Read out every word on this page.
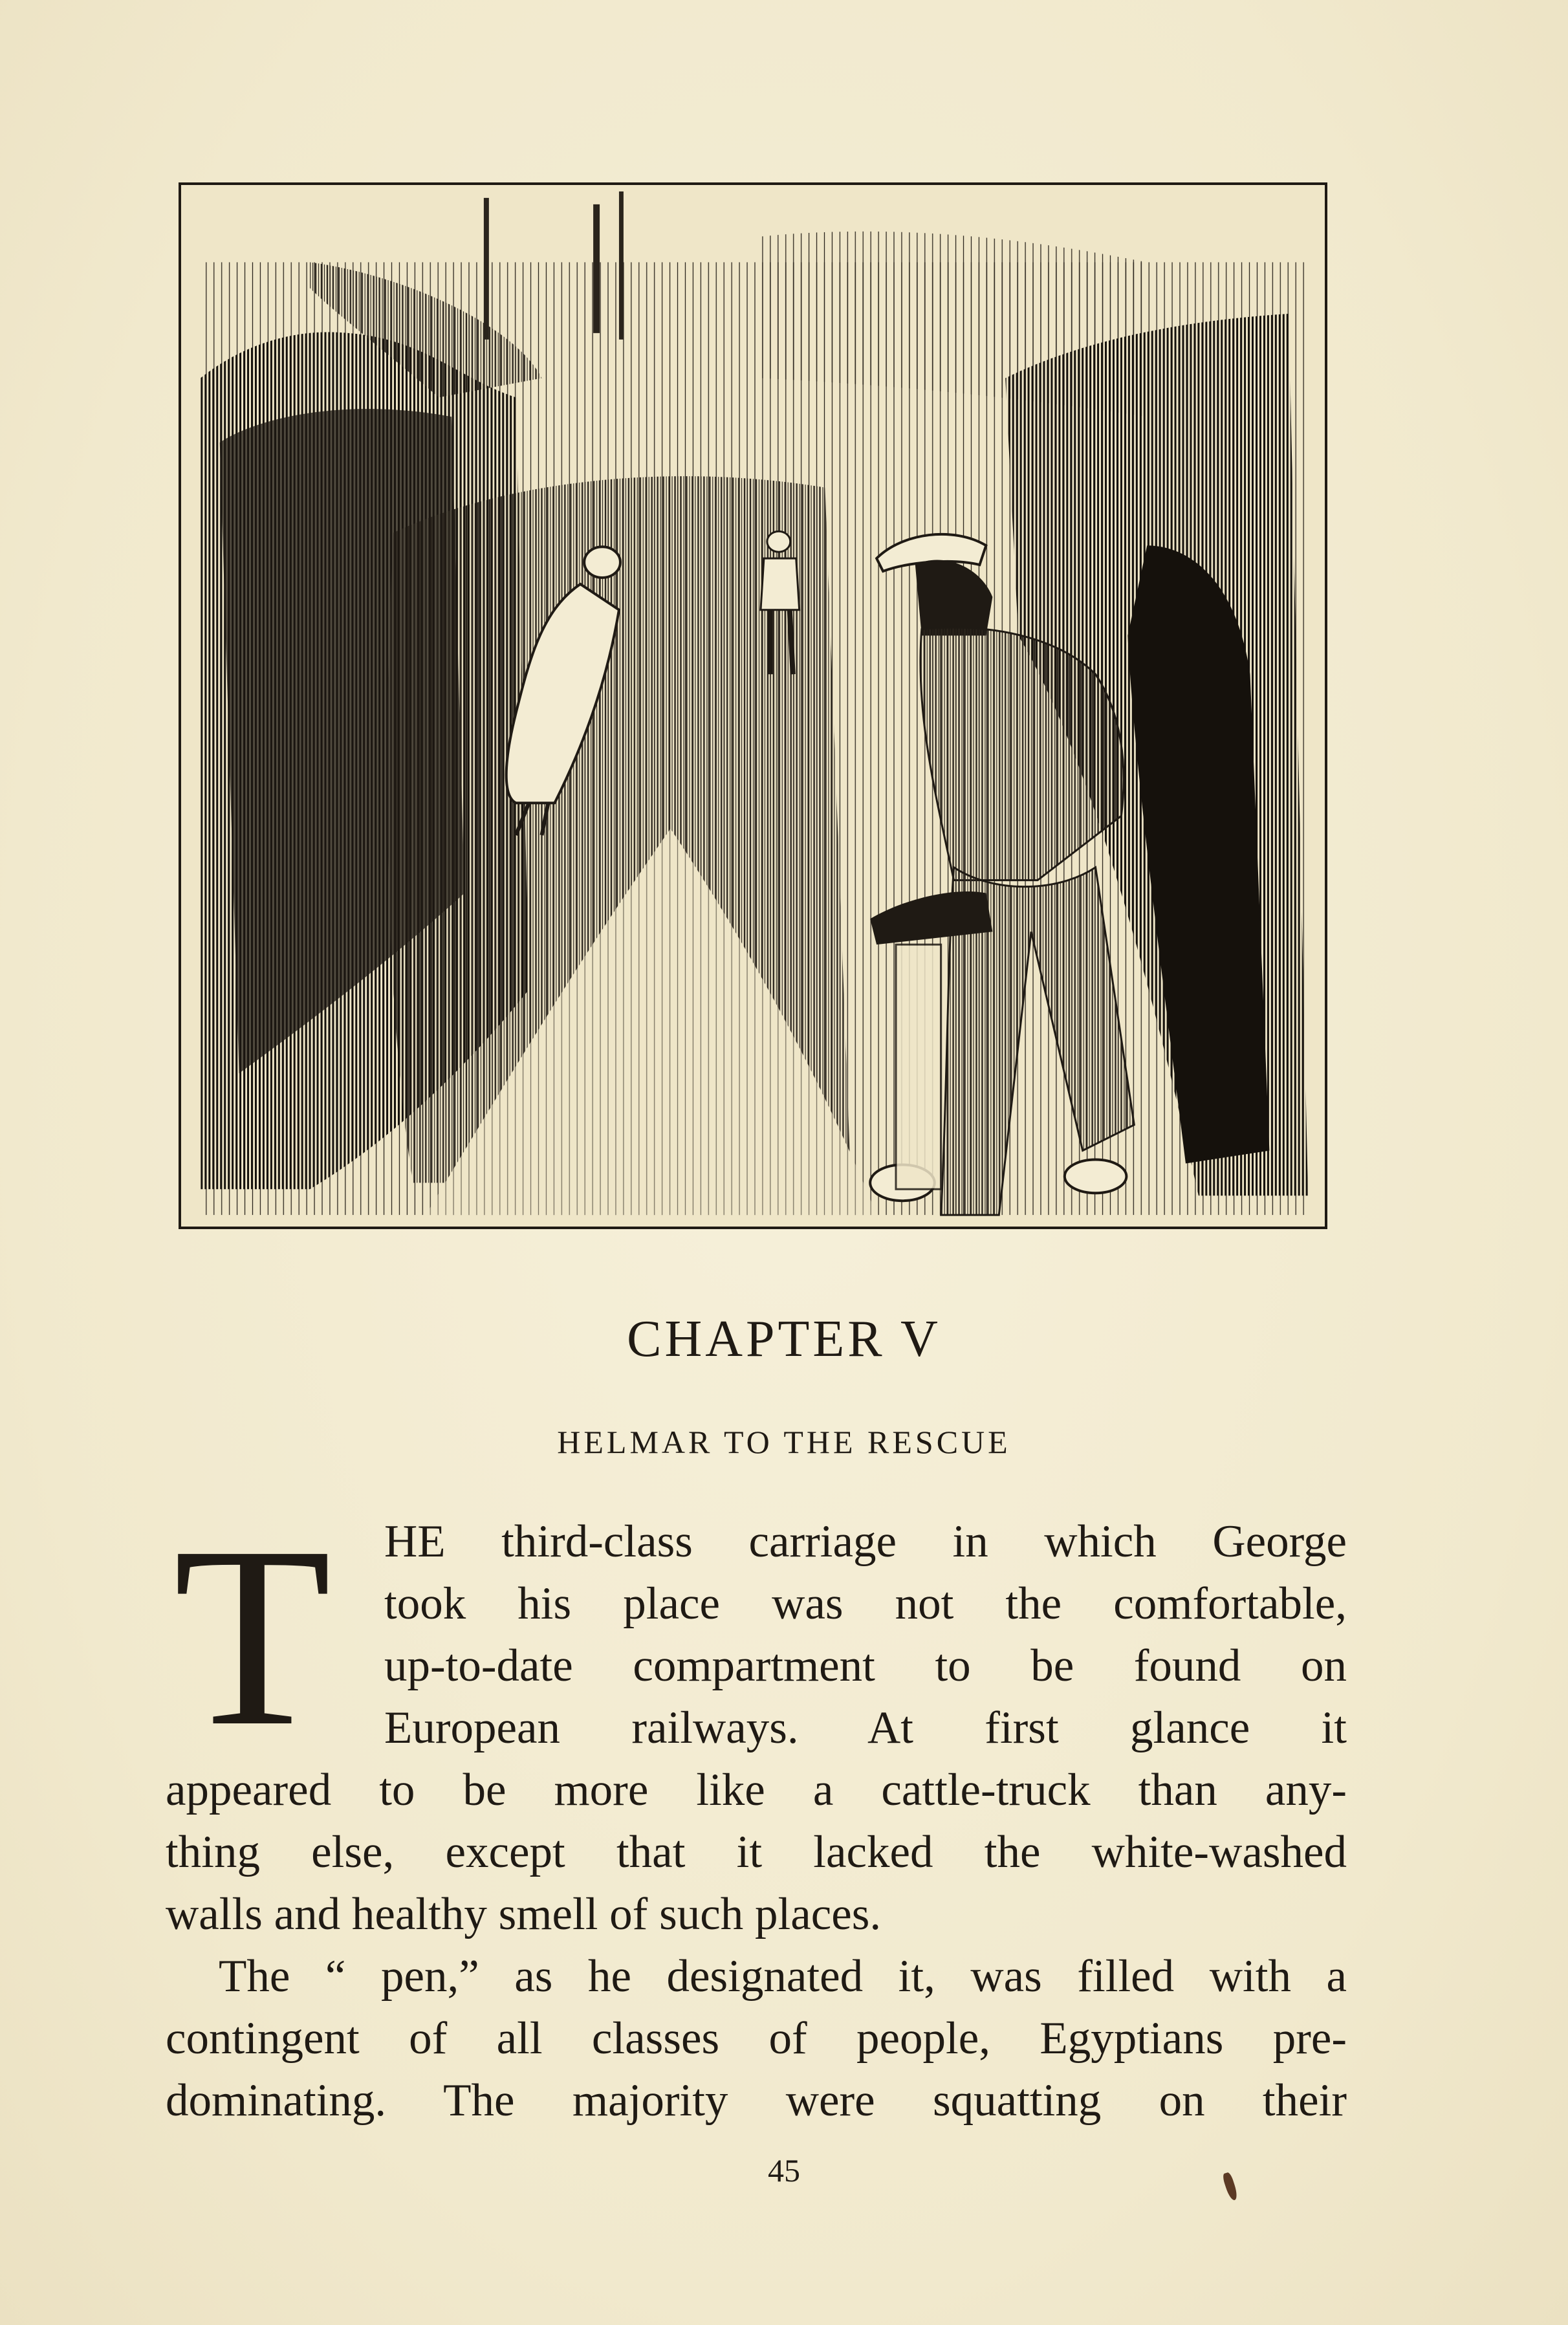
CHAPTER V
HELMAR TO THE RESCUE
T HE third-class carriage in which George
took his place was not the comfortable,
up-to-date compartment to be found on
European railways. At first glance it
appeared to be more like a cattle-truck than any-
thing else, except that it lacked the white-washed
walls and healthy smell of such places.
The “ pen,” as he designated it, was filled with a
contingent of all classes of people, Egyptians pre-
dominating. The majority were squatting on their
45
